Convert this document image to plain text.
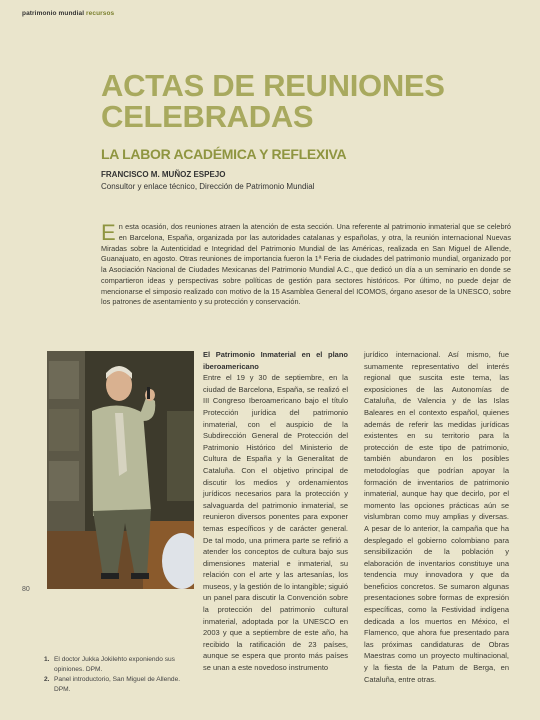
patrimonio mundial recursos
ACTAS DE REUNIONES CELEBRADAS
LA LABOR ACADÉMICA Y REFLEXIVA
FRANCISCO M. MUÑOZ ESPEJO
Consultor y enlace técnico, Dirección de Patrimonio Mundial

En esta ocasión, dos reuniones atraen la atención de esta sección. Una referente al patrimonio inmaterial que se celebró en Barcelona, España, organizada por las autoridades catalanas y españolas, y otra, la reunión internacional Nuevas Miradas sobre la Autenticidad e Integridad del Patrimonio Mundial de las Américas, realizada en San Miguel de Allende, Guanajuato, en agosto. Otras reuniones de importancia fueron la 1ª Feria de ciudades del patrimonio mundial, organizado por la Asociación Nacional de Ciudades Mexicanas del Patrimonio Mundial A.C., que dedicó un día a un seminario en donde se compartieron ideas y perspectivas sobre políticas de gestión para sectores históricos. Por último, no puede dejar de mencionarse el simposio realizado con motivo de la 15 Asamblea General del ICOMOS, órgano asesor de la UNESCO, sobre los patrones de asentamiento y su protección y conservación.

80
1. El doctor Jukka Jokilehto exponiendo sus opiniones. DPM.
2. Panel introductorio, San Miguel de Allende. DPM.
El Patrimonio Inmaterial en el plano iberoamericano

Entre el 19 y 30 de septiembre, en la ciudad de Barcelona, España, se realizó el III Congreso Iberoamericano bajo el título Protección jurídica del patrimonio inmaterial, con el auspicio de la Subdirección General de Protección del Patrimonio Histórico del Ministerio de Cultura de España y la Generalitat de Cataluña. Con el objetivo principal de discutir los medios y ordenamientos jurídicos necesarios para la protección y salvaguarda del patrimonio inmaterial, se reunieron diversos ponentes para exponer temas específicos y de carácter general. De tal modo, una primera parte se refirió a atender los conceptos de cultura bajo sus dimensiones material e inmaterial, su relación con el arte y las artesanías, los museos, y la gestión de lo intangible; siguió un panel para discutir la Convención sobre la protección del patrimonio cultural inmaterial, adoptada por la UNESCO en 2003 y que a septiembre de este año, ha recibido la ratificación de 23 países, aunque se espera que pronto más países se unan a este novedoso instrumento

jurídico internacional. Así mismo, fue sumamente representativo del interés regional que suscita este tema, las exposiciones de las Autonomías de Cataluña, de Valencia y de las Islas Baleares en el contexto español, quienes además de referir las medidas jurídicas existentes en su territorio para la protección de este tipo de patrimonio, también abundaron en los posibles metodologías que podrían apoyar la formación de inventarios de patrimonio inmaterial, aunque hay que decirlo, por el momento las opciones prácticas aún se vislumbran como muy amplias y diversas. A pesar de lo anterior, la campaña que ha desplegado el gobierno colombiano para sensibilización de la población y elaboración de inventarios constituye una tendencia muy innovadora y que da beneficios concretos. Se sumaron algunas presentaciones sobre formas de expresión específicas, como la Festividad indígena dedicada a los muertos en México, el Flamenco, que ahora fue presentado para las próximas candidaturas de Obras Maestras como un proyecto multinacional, y la fiesta de la Patum de Berga, en Cataluña, entre otras.
